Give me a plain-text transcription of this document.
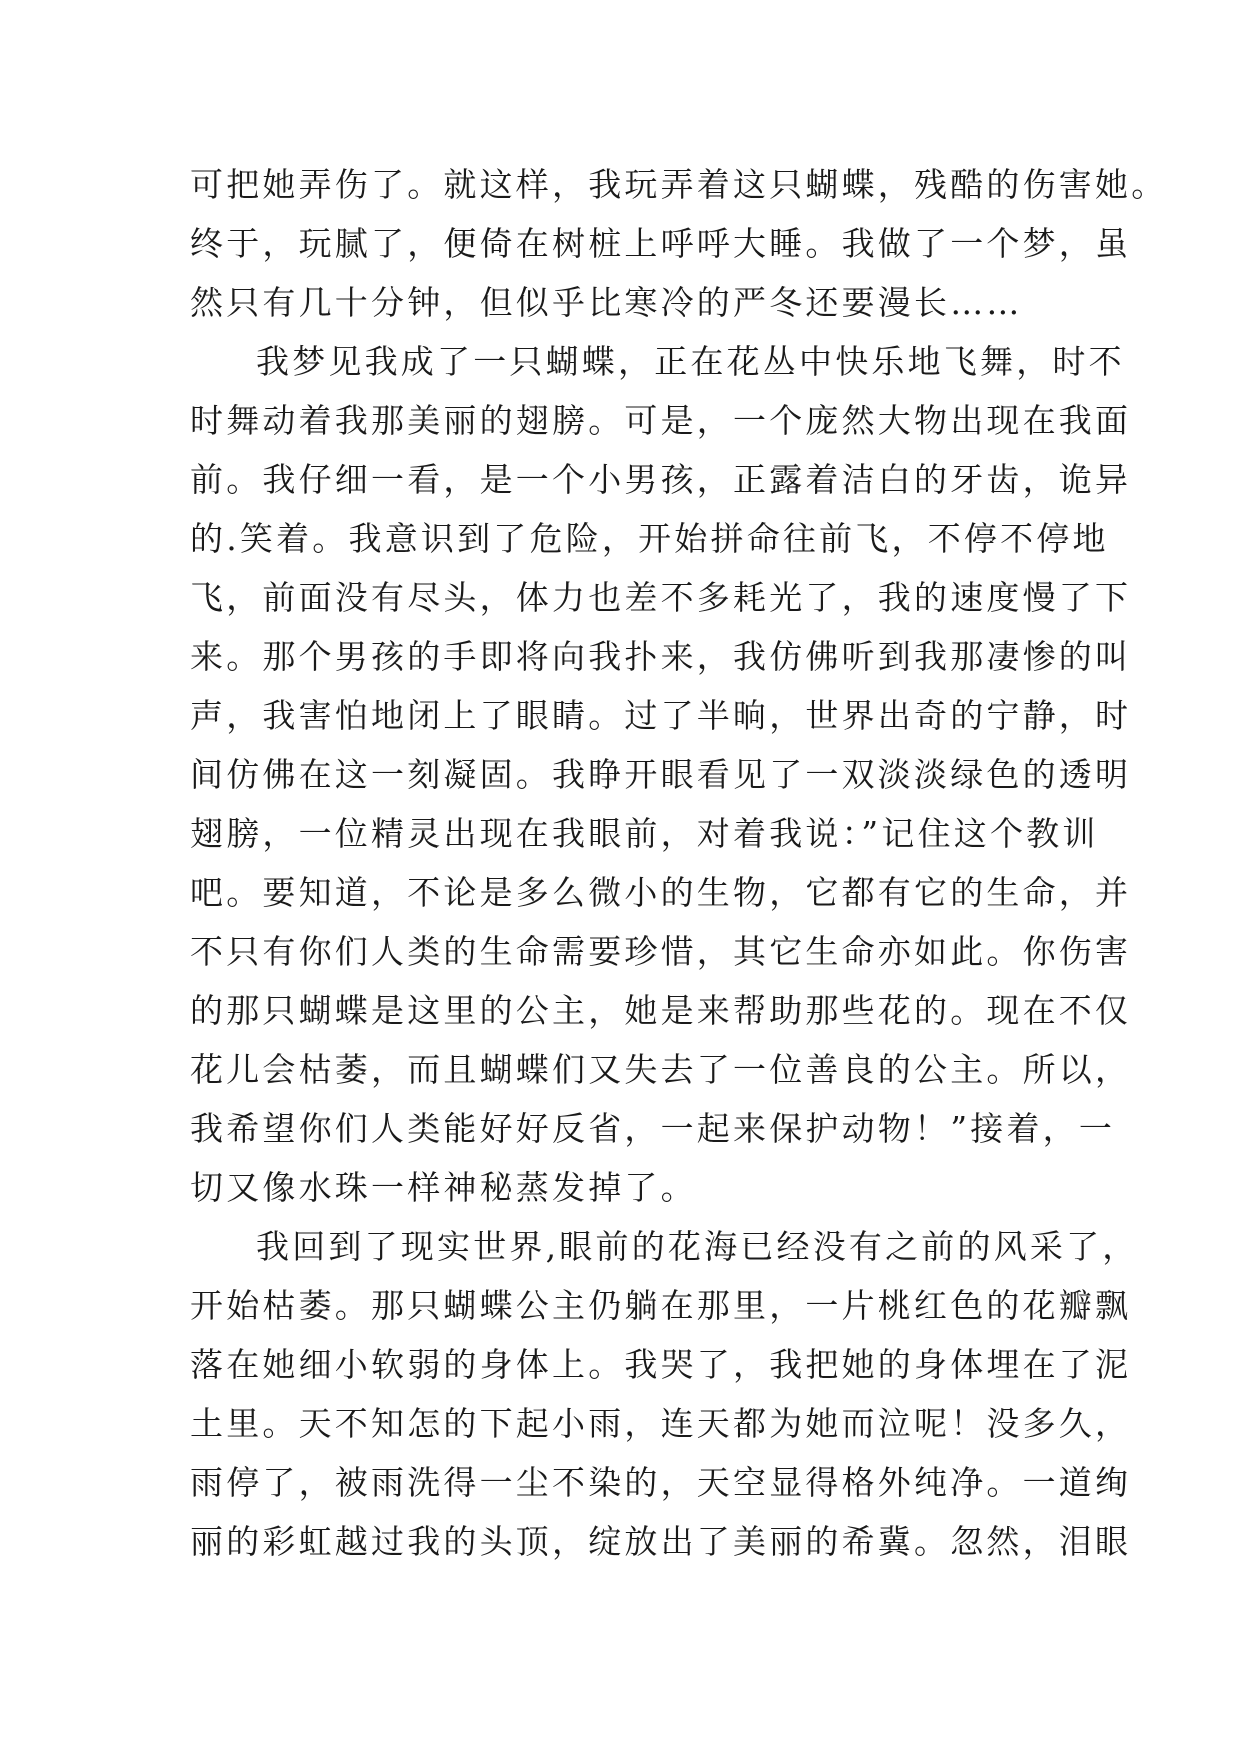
可把她弄伤了。就这样，我玩弄着这只蝴蝶，残酷的伤害她。
终于，玩腻了，便倚在树桩上呼呼大睡。我做了一个梦，虽
然只有几十分钟，但似乎比寒冷的严冬还要漫长……
我梦见我成了一只蝴蝶，正在花丛中快乐地飞舞，时不
时舞动着我那美丽的翅膀。可是，一个庞然大物出现在我面
前。我仔细一看，是一个小男孩，正露着洁白的牙齿，诡异
的.笑着。我意识到了危险，开始拼命往前飞，不停不停地
飞，前面没有尽头，体力也差不多耗光了，我的速度慢了下
来。那个男孩的手即将向我扑来，我仿佛听到我那凄惨的叫
声，我害怕地闭上了眼睛。过了半晌，世界出奇的宁静，时
间仿佛在这一刻凝固。我睁开眼看见了一双淡淡绿色的透明
翅膀，一位精灵出现在我眼前，对着我说：”记住这个教训
吧。要知道，不论是多么微小的生物，它都有它的生命，并
不只有你们人类的生命需要珍惜，其它生命亦如此。你伤害
的那只蝴蝶是这里的公主，她是来帮助那些花的。现在不仅
花儿会枯萎，而且蝴蝶们又失去了一位善良的公主。所以，
我希望你们人类能好好反省，一起来保护动物！”接着，一
切又像水珠一样神秘蒸发掉了。
我回到了现实世界,眼前的花海已经没有之前的风采了，
开始枯萎。那只蝴蝶公主仍躺在那里，一片桃红色的花瓣飘
落在她细小软弱的身体上。我哭了，我把她的身体埋在了泥
土里。天不知怎的下起小雨，连天都为她而泣呢！没多久，
雨停了，被雨洗得一尘不染的，天空显得格外纯净。一道绚
丽的彩虹越过我的头顶，绽放出了美丽的希冀。忽然，泪眼
